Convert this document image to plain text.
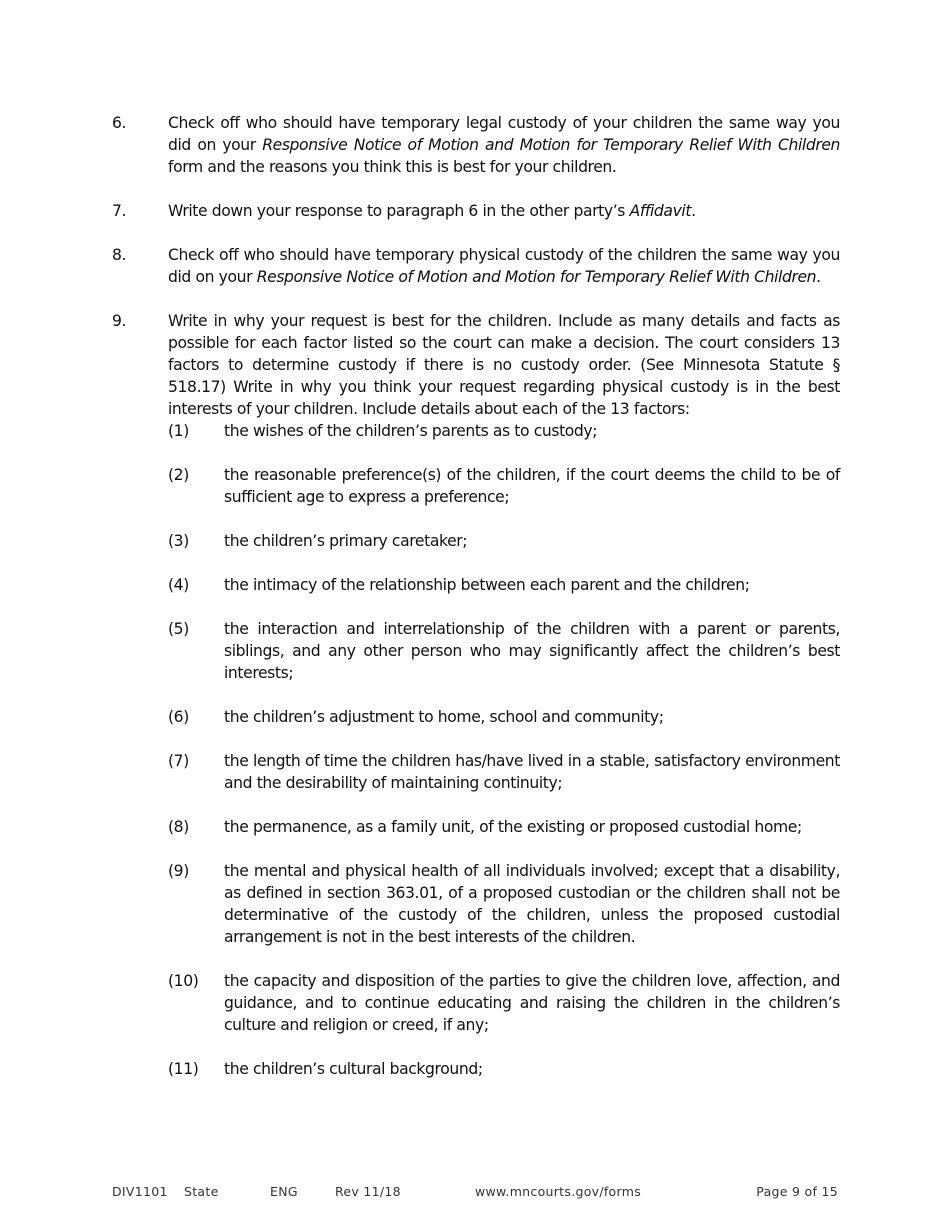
6.	Check off who should have temporary legal custody of your children the same way you did on your Responsive Notice of Motion and Motion for Temporary Relief With Children form and the reasons you think this is best for your children.
7.	Write down your response to paragraph 6 in the other party’s Affidavit.
8.	Check off who should have temporary physical custody of the children the same way you did on your Responsive Notice of Motion and Motion for Temporary Relief With Children.
9.	Write in why your request is best for the children. Include as many details and facts as possible for each factor listed so the court can make a decision. The court considers 13 factors to determine custody if there is no custody order. (See Minnesota Statute § 518.17) Write in why you think your request regarding physical custody is in the best interests of your children. Include details about each of the 13 factors:
(1)	the wishes of the children’s parents as to custody;
(2)	the reasonable preference(s) of the children, if the court deems the child to be of sufficient age to express a preference;
(3)	the children’s primary caretaker;
(4)	the intimacy of the relationship between each parent and the children;
(5)	the interaction and interrelationship of the children with a parent or parents, siblings, and any other person who may significantly affect the children’s best interests;
(6)	the children’s adjustment to home, school and community;
(7)	the length of time the children has/have lived in a stable, satisfactory environment and the desirability of maintaining continuity;
(8)	the permanence, as a family unit, of the existing or proposed custodial home;
(9)	the mental and physical health of all individuals involved; except that a disability, as defined in section 363.01, of a proposed custodian or the children shall not be determinative of the custody of the children, unless the proposed custodial arrangement is not in the best interests of the children.
(10)	the capacity and disposition of the parties to give the children love, affection, and guidance, and to continue educating and raising the children in the children’s culture and religion or creed, if any;
(11)	the children’s cultural background;
DIV1101 State	ENG	Rev 11/18	www.mncourts.gov/forms	Page 9 of 15
